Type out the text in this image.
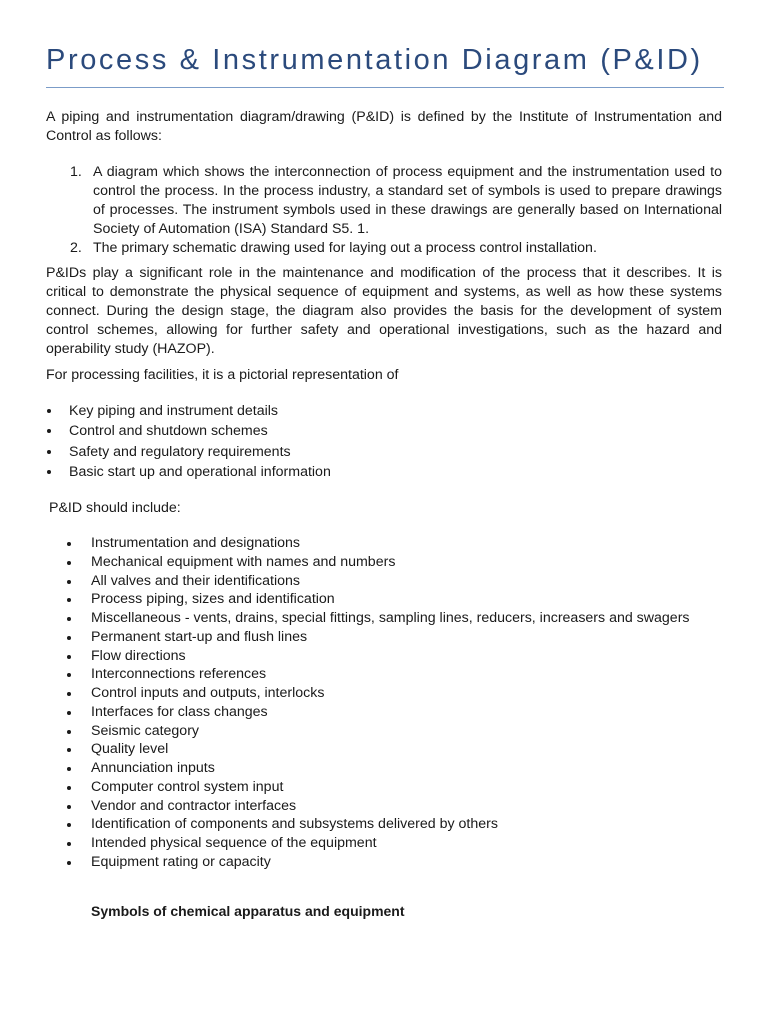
Process & Instrumentation Diagram (P&ID)

A piping and instrumentation diagram/drawing (P&ID) is defined by the Institute of Instrumentation and Control as follows:

1. A diagram which shows the interconnection of process equipment and the instrumentation used to control the process. In the process industry, a standard set of symbols is used to prepare drawings of processes. The instrument symbols used in these drawings are generally based on International Society of Automation (ISA) Standard S5. 1.
2. The primary schematic drawing used for laying out a process control installation.

P&IDs play a significant role in the maintenance and modification of the process that it describes. It is critical to demonstrate the physical sequence of equipment and systems, as well as how these systems connect. During the design stage, the diagram also provides the basis for the development of system control schemes, allowing for further safety and operational investigations, such as the hazard and operability study (HAZOP).

For processing facilities, it is a pictorial representation of

Key piping and instrument details
Control and shutdown schemes
Safety and regulatory requirements
Basic start up and operational information

P&ID should include:

Instrumentation and designations
Mechanical equipment with names and numbers
All valves and their identifications
Process piping, sizes and identification
Miscellaneous - vents, drains, special fittings, sampling lines, reducers, increasers and swagers
Permanent start-up and flush lines
Flow directions
Interconnections references
Control inputs and outputs, interlocks
Interfaces for class changes
Seismic category
Quality level
Annunciation inputs
Computer control system input
Vendor and contractor interfaces
Identification of components and subsystems delivered by others
Intended physical sequence of the equipment
Equipment rating or capacity

Symbols of chemical apparatus and equipment
